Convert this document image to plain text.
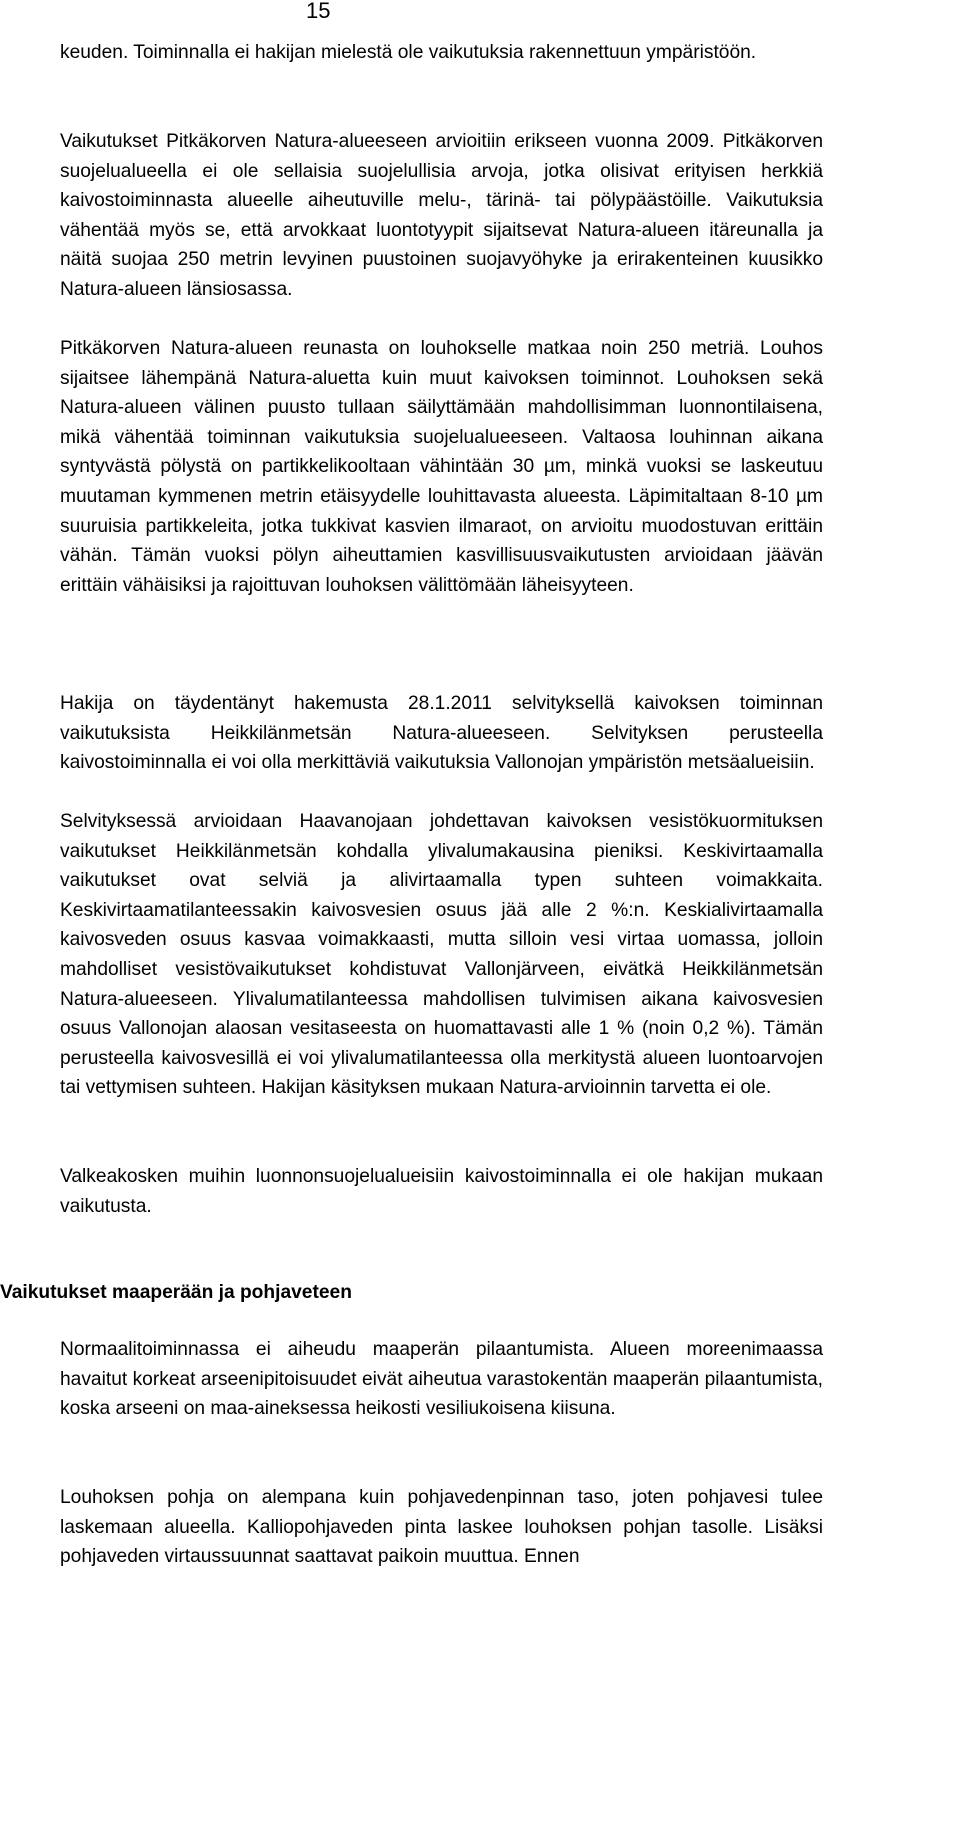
15

keuden. Toiminnalla ei hakijan mielestä ole vaikutuksia rakennettuun ympäristöön.

Vaikutukset Pitkäkorven Natura-alueeseen arvioitiin erikseen vuonna 2009. Pitkäkorven suojelualueella ei ole sellaisia suojelullisia arvoja, jotka olisivat erityisen herkkiä kaivostoiminnasta alueelle aiheutuville melu-, tärinä- tai pölypäästöille. Vaikutuksia vähentää myös se, että arvokkaat luontotyypit sijaitsevat Natura-alueen itäreunalla ja näitä suojaa 250 metrin levyinen puustoinen suojavyöhyke ja erirakenteinen kuusikko Natura-alueen länsiosassa.

Pitkäkorven Natura-alueen reunasta on louhokselle matkaa noin 250 metriä. Louhos sijaitsee lähempänä Natura-aluetta kuin muut kaivoksen toiminnot. Louhoksen sekä Natura-alueen välinen puusto tullaan säilyttämään mahdollisimman luonnontilaisena, mikä vähentää toiminnan vaikutuksia suojelualueeseen. Valtaosa louhinnan aikana syntyvästä pölystä on partikkelikooltaan vähintään 30 µm, minkä vuoksi se laskeutuu muutaman kymmenen metrin etäisyydelle louhittavasta alueesta. Läpimitaltaan 8-10 µm suuruisia partikkeleita, jotka tukkivat kasvien ilmaraot, on arvioitu muodostuvan erittäin vähän. Tämän vuoksi pölyn aiheuttamien kasvillisuusvaikutusten arvioidaan jäävän erittäin vähäisiksi ja rajoittuvan louhoksen välittömään läheisyyteen.

Hakija on täydentänyt hakemusta 28.1.2011 selvityksellä kaivoksen toiminnan vaikutuksista Heikkilänmetsän Natura-alueeseen. Selvityksen perusteella kaivostoiminnalla ei voi olla merkittäviä vaikutuksia Vallonojan ympäristön metsäalueisiin.

Selvityksessä arvioidaan Haavanojaan johdettavan kaivoksen vesistökuormituksen vaikutukset Heikkilänmetsän kohdalla ylivalumakausina pieniksi. Keskivirtaamalla vaikutukset ovat selviä ja alivirtaamalla typen suhteen voimakkaita. Keskivirtaamatilanteessakin kaivosvesien osuus jää alle 2 %:n. Keskialivirtaamalla kaivosveden osuus kasvaa voimakkaasti, mutta silloin vesi virtaa uomassa, jolloin mahdolliset vesistövaikutukset kohdistuvat Vallonjärveen, eivätkä Heikkilänmetsän Natura-alueeseen. Ylivalumatilanteessa mahdollisen tulvimisen aikana kaivosvesien osuus Vallonojan alaosan vesitaseesta on huomattavasti alle 1 % (noin 0,2 %). Tämän perusteella kaivosvesillä ei voi ylivalumatilanteessa olla merkitystä alueen luontoarvojen tai vettymisen suhteen. Hakijan käsityksen mukaan Natura-arvioinnin tarvetta ei ole.

Valkeakosken muihin luonnonsuojelualueisiin kaivostoiminnalla ei ole hakijan mukaan vaikutusta.

Vaikutukset maaperään ja pohjaveteen

Normaalitoiminnassa ei aiheudu maaperän pilaantumista. Alueen moreenimaassa havaitut korkeat arseenipitoisuudet eivät aiheutua varastokentän maaperän pilaantumista, koska arseeni on maa-aineksessa heikosti vesiliukoisena kiisuna.

Louhoksen pohja on alempana kuin pohjavedenpinnan taso, joten pohjavesi tulee laskemaan alueella. Kalliopohjaveden pinta laskee louhoksen pohjan tasolle. Lisäksi pohjaveden virtaussuunnat saattavat paikoin muuttua. Ennen
